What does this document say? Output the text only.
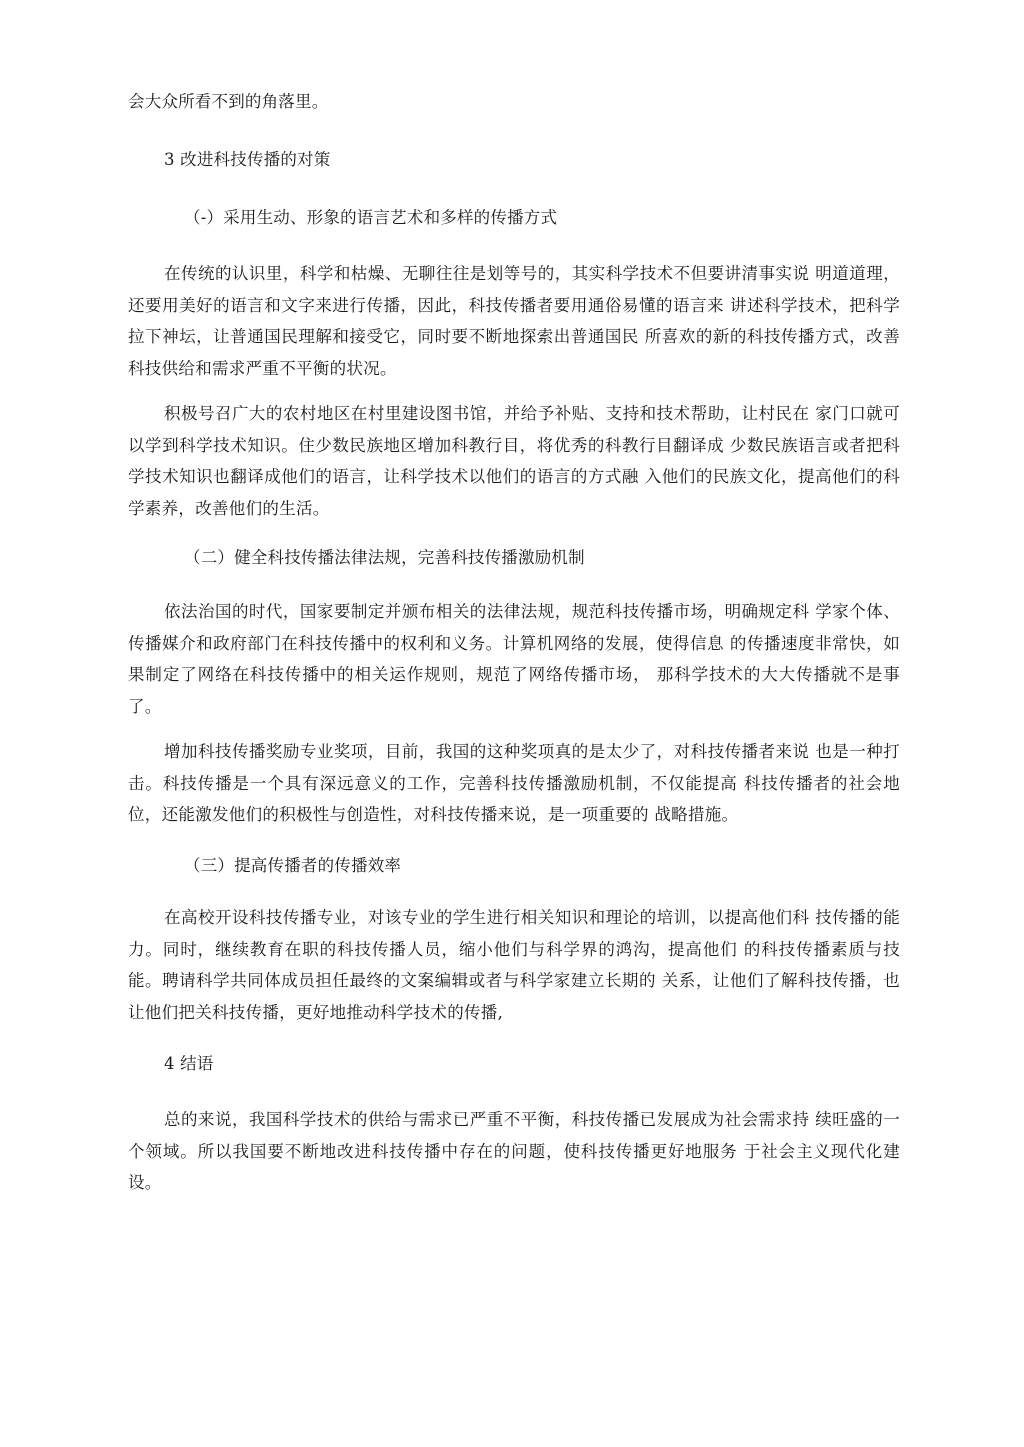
会大众所看不到的角落里。
3 改进科技传播的对策
（-）采用生动、形象的语言艺术和多样的传播方式
在传统的认识里，科学和枯燥、无聊往往是划等号的，其实科学技术不但要讲清事实说 明道道理，还要用美好的语言和文字来进行传播，因此，科技传播者要用通俗易懂的语言来 讲述科学技术，把科学拉下神坛，让普通国民理解和接受它，同时要不断地探索出普通国民 所喜欢的新的科技传播方式，改善科技供给和需求严重不平衡的状况。
积极号召广大的农村地区在村里建设图书馆，并给予补贴、支持和技术帮助，让村民在 家门口就可以学到科学技术知识。住少数民族地区增加科教行目，将优秀的科教行目翻译成 少数民族语言或者把科学技术知识也翻译成他们的语言，让科学技术以他们的语言的方式融 入他们的民族文化，提高他们的科学素养，改善他们的生活。
（二）健全科技传播法律法规，完善科技传播激励机制
依法治国的时代，国家要制定并颁布相关的法律法规，规范科技传播市场，明确规定科 学家个体、传播媒介和政府部门在科技传播中的权利和义务。计算机网络的发展，使得信息 的传播速度非常快，如果制定了网络在科技传播中的相关运作规则，规范了网络传播市场， 那科学技术的大大传播就不是事了。
增加科技传播奖励专业奖项，目前，我国的这种奖项真的是太少了，对科技传播者来说 也是一种打击。科技传播是一个具有深远意义的工作，完善科技传播激励机制，不仅能提高 科技传播者的社会地位，还能激发他们的积极性与创造性，对科技传播来说，是一项重要的 战略措施。
（三）提高传播者的传播效率
在高校开设科技传播专业，对该专业的学生进行相关知识和理论的培训，以提高他们科 技传播的能力。同时，继续教育在职的科技传播人员，缩小他们与科学界的鸿沟，提高他们 的科技传播素质与技能。聘请科学共同体成员担任最终的文案编辑或者与科学家建立长期的 关系，让他们了解科技传播，也让他们把关科技传播，更好地推动科学技术的传播,
4 结语
总的来说，我国科学技术的供给与需求已严重不平衡，科技传播已发展成为社会需求持 续旺盛的一个领域。所以我国要不断地改进科技传播中存在的问题，使科技传播更好地服务 于社会主义现代化建设。
